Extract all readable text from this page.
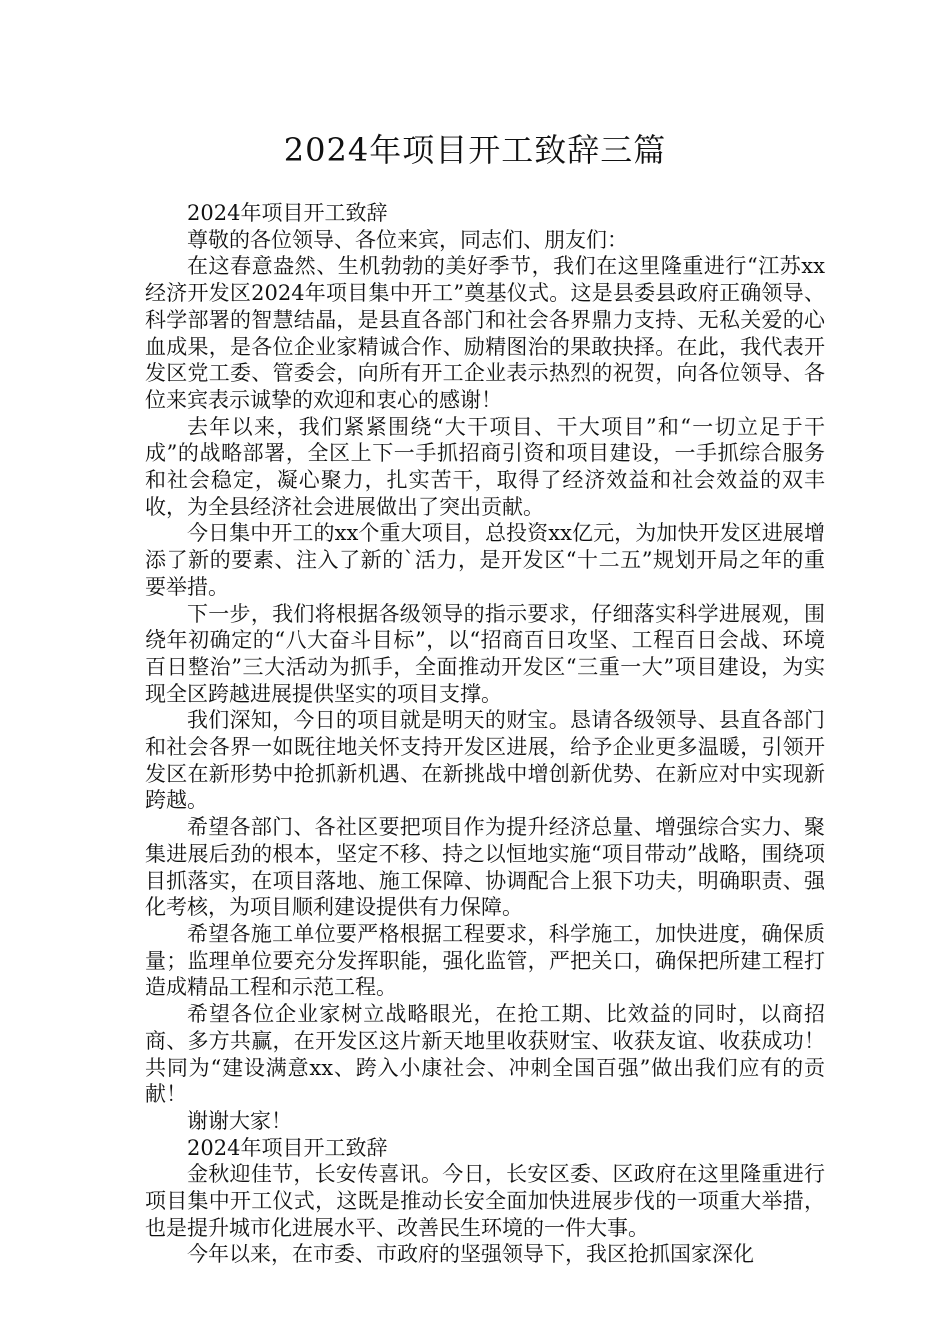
2024年项目开工致辞三篇

2024年项目开工致辞

尊敬的各位领导、各位来宾，同志们、朋友们：

在这春意盎然、生机勃勃的美好季节，我们在这里隆重进行“江苏xx经济开发区2024年项目集中开工”奠基仪式。这是县委县政府正确领导、科学部署的智慧结晶，是县直各部门和社会各界鼎力支持、无私关爱的心血成果，是各位企业家精诚合作、励精图治的果敢抉择。在此，我代表开发区党工委、管委会，向所有开工企业表示热烈的祝贺，向各位领导、各位来宾表示诚挚的欢迎和衷心的感谢！

去年以来，我们紧紧围绕“大干项目、干大项目”和“一切立足于干成”的战略部署，全区上下一手抓招商引资和项目建设，一手抓综合服务和社会稳定，凝心聚力，扎实苦干，取得了经济效益和社会效益的双丰收，为全县经济社会进展做出了突出贡献。

今日集中开工的xx个重大项目，总投资xx亿元，为加快开发区进展增添了新的要素、注入了新的`活力，是开发区“十二五”规划开局之年的重要举措。

下一步，我们将根据各级领导的指示要求，仔细落实科学进展观，围绕年初确定的“八大奋斗目标”，以“招商百日攻坚、工程百日会战、环境百日整治”三大活动为抓手，全面推动开发区“三重一大”项目建设，为实现全区跨越进展提供坚实的项目支撑。

我们深知，今日的项目就是明天的财宝。恳请各级领导、县直各部门和社会各界一如既往地关怀支持开发区进展，给予企业更多温暖，引领开发区在新形势中抢抓新机遇、在新挑战中增创新优势、在新应对中实现新跨越。

希望各部门、各社区要把项目作为提升经济总量、增强综合实力、聚集进展后劲的根本，坚定不移、持之以恒地实施“项目带动”战略，围绕项目抓落实，在项目落地、施工保障、协调配合上狠下功夫，明确职责、强化考核，为项目顺利建设提供有力保障。

希望各施工单位要严格根据工程要求，科学施工，加快进度，确保质量；监理单位要充分发挥职能，强化监管，严把关口，确保把所建工程打造成精品工程和示范工程。

希望各位企业家树立战略眼光，在抢工期、比效益的同时，以商招商、多方共赢，在开发区这片新天地里收获财宝、收获友谊、收获成功！共同为“建设满意xx、跨入小康社会、冲刺全国百强”做出我们应有的贡献！

谢谢大家！

2024年项目开工致辞

金秋迎佳节，长安传喜讯。今日，长安区委、区政府在这里隆重进行项目集中开工仪式，这既是推动长安全面加快进展步伐的一项重大举措，也是提升城市化进展水平、改善民生环境的一件大事。

今年以来，在市委、市政府的坚强领导下，我区抢抓国家深化
